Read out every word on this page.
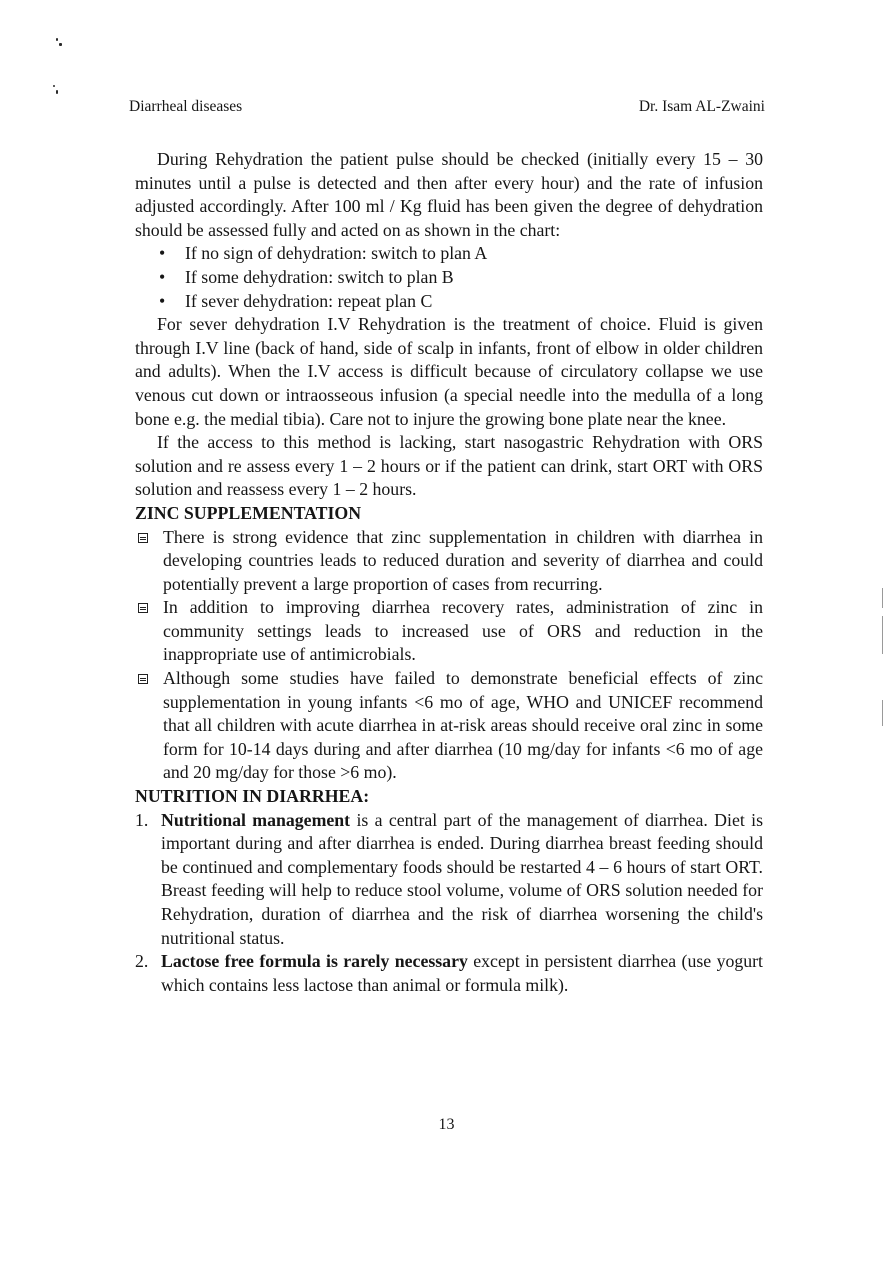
Diarrheal diseases	Dr. Isam AL-Zwaini

During Rehydration the patient pulse should be checked (initially every 15 – 30 minutes until a pulse is detected and then after every hour) and the rate of infusion adjusted accordingly. After 100 ml / Kg fluid has been given the degree of dehydration should be assessed fully and acted on as shown in the chart:

• If no sign of dehydration: switch to plan A
• If some dehydration: switch to plan B
• If sever dehydration: repeat plan C

For sever dehydration I.V Rehydration is the treatment of choice. Fluid is given through I.V line (back of hand, side of scalp in infants, front of elbow in older children and adults). When the I.V access is difficult because of circulatory collapse we use venous cut down or intraosseous infusion (a special needle into the medulla of a long bone e.g. the medial tibia). Care not to injure the growing bone plate near the knee.

If the access to this method is lacking, start nasogastric Rehydration with ORS solution and re assess every 1 – 2 hours or if the patient can drink, start ORT with ORS solution and reassess every 1 – 2 hours.

ZINC SUPPLEMENTATION

There is strong evidence that zinc supplementation in children with diarrhea in developing countries leads to reduced duration and severity of diarrhea and could potentially prevent a large proportion of cases from recurring.
In addition to improving diarrhea recovery rates, administration of zinc in community settings leads to increased use of ORS and reduction in the inappropriate use of antimicrobials.
Although some studies have failed to demonstrate beneficial effects of zinc supplementation in young infants <6 mo of age, WHO and UNICEF recommend that all children with acute diarrhea in at-risk areas should receive oral zinc in some form for 10-14 days during and after diarrhea (10 mg/day for infants <6 mo of age and 20 mg/day for those >6 mo).

NUTRITION IN DIARRHEA:

1. Nutritional management is a central part of the management of diarrhea. Diet is important during and after diarrhea is ended. During diarrhea breast feeding should be continued and complementary foods should be restarted 4 – 6 hours of start ORT. Breast feeding will help to reduce stool volume, volume of ORS solution needed for Rehydration, duration of diarrhea and the risk of diarrhea worsening the child's nutritional status.
2. Lactose free formula is rarely necessary except in persistent diarrhea (use yogurt which contains less lactose than animal or formula milk).
13
